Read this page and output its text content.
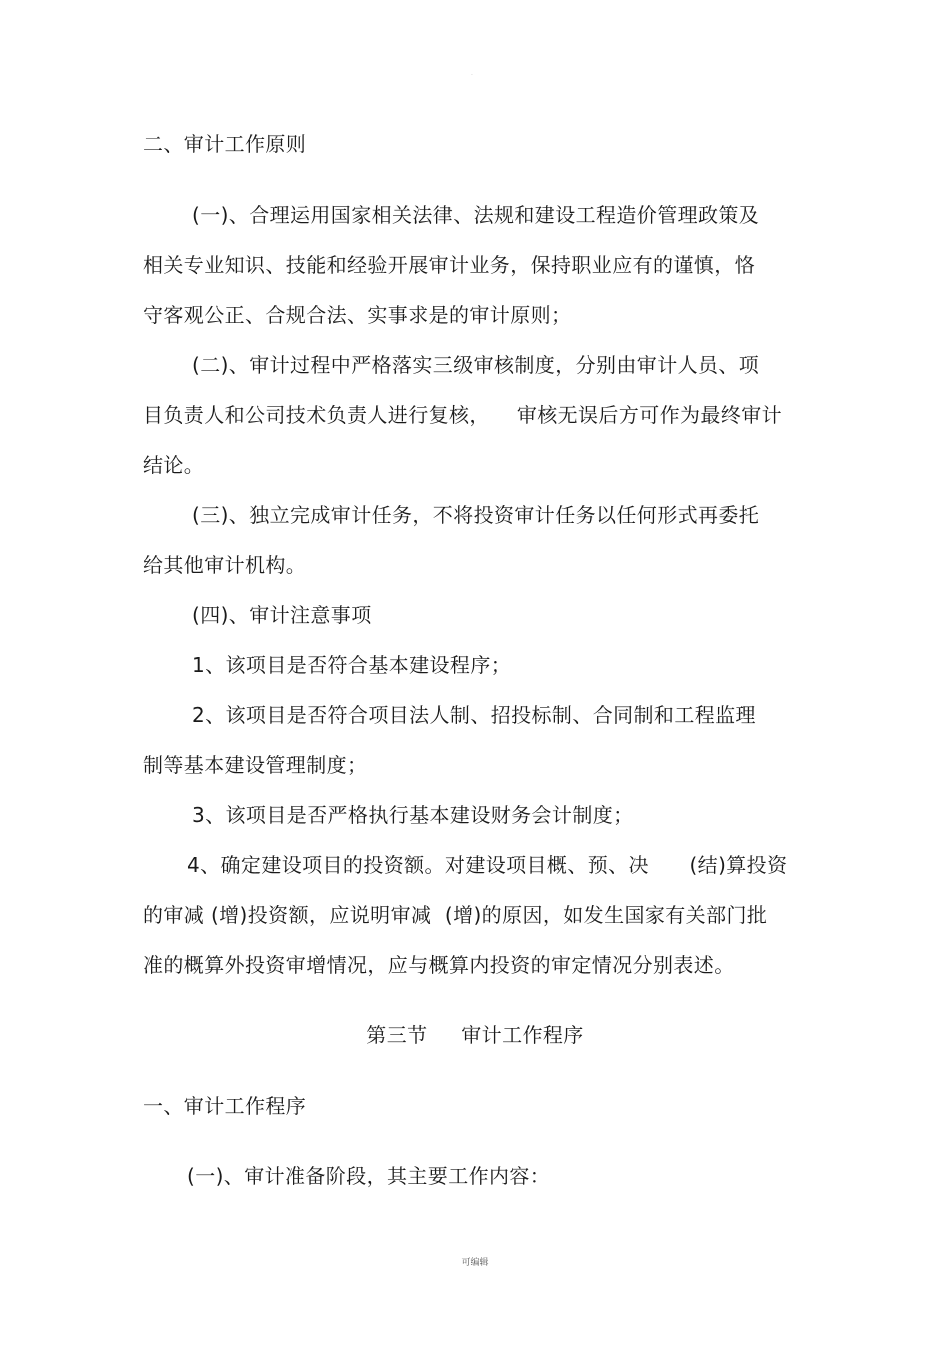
.
二、审计工作原则
(一)、合理运用国家相关法律、法规和建设工程造价管理政策及
相关专业知识、技能和经验开展审计业务，保持职业应有的谨慎，恪
守客观公正、合规合法、实事求是的审计原则；
(二)、审计过程中严格落实三级审核制度，分别由审计人员、项
目负责人和公司技术负责人进行复核，    审核无误后方可作为最终审计
结论。
(三)、独立完成审计任务，不将投资审计任务以任何形式再委托
给其他审计机构。
(四)、审计注意事项
1、该项目是否符合基本建设程序；
2、该项目是否符合项目法人制、招投标制、合同制和工程监理
制等基本建设管理制度；
3、该项目是否严格执行基本建设财务会计制度；
4、确定建设项目的投资额。对建设项目概、预、决      (结)算投资
的审减 (增)投资额，应说明审减  (增)的原因，如发生国家有关部门批
准的概算外投资审增情况，应与概算内投资的审定情况分别表述。
第三节     审计工作程序
一、审计工作程序
(一)、审计准备阶段，其主要工作内容：
可编辑
